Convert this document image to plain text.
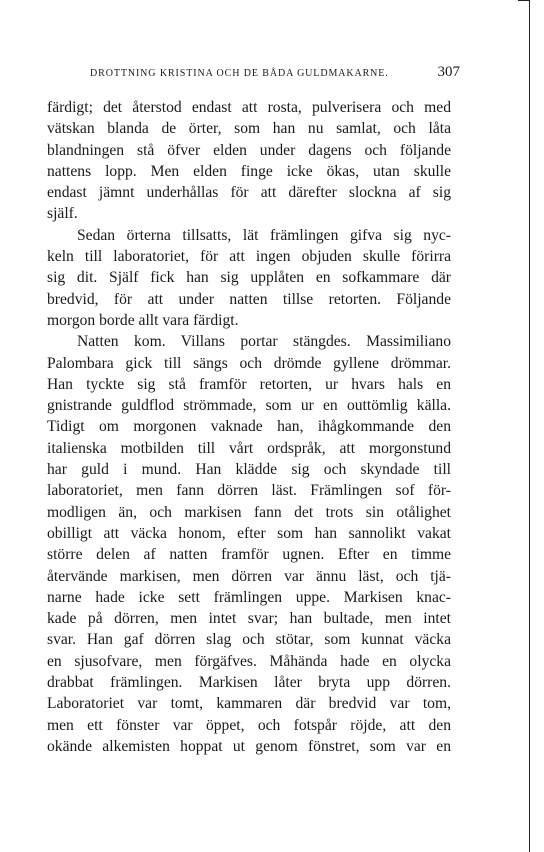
DROTTNING KRISTINA OCH DE BÅDA GULDMAKARNE.	307
färdigt; det återstod endast att rosta, pulverisera och med
vätskan blanda de örter, som han nu samlat, och låta
blandningen stå öfver elden under dagens och följande
nattens lopp. Men elden finge icke ökas, utan skulle
endast jämnt underhållas för att därefter slockna af sig
själf.
Sedan örterna tillsatts, lät främlingen gifva sig nyc-
keln till laboratoriet, för att ingen objuden skulle förirra
sig dit. Själf fick han sig upplåten en sofkammare där
bredvid, för att under natten tillse retorten. Följande
morgon borde allt vara färdigt.
Natten kom. Villans portar stängdes. Massimiliano
Palombara gick till sängs och drömde gyllene drömmar.
Han tyckte sig stå framför retorten, ur hvars hals en
gnistrande guldflod strömmade, som ur en outtömlig källa.
Tidigt om morgonen vaknade han, ihågkommande den
italienska motbilden till vårt ordspråk, att morgonstund
har guld i mund. Han klädde sig och skyndade till
laboratoriet, men fann dörren läst. Främlingen sof för-
modligen än, och markisen fann det trots sin otålighet
obilligt att väcka honom, efter som han sannolikt vakat
större delen af natten framför ugnen. Efter en timme
återvände markisen, men dörren var ännu läst, och tjä-
narne hade icke sett främlingen uppe. Markisen knac-
kade på dörren, men intet svar; han bultade, men intet
svar. Han gaf dörren slag och stötar, som kunnat väcka
en sjusofvare, men förgäfves. Måhända hade en olycka
drabbat främlingen. Markisen låter bryta upp dörren.
Laboratoriet var tomt, kammaren där bredvid var tom,
men ett fönster var öppet, och fotspår röjde, att den
okände alkemisten hoppat ut genom fönstret, som var en
